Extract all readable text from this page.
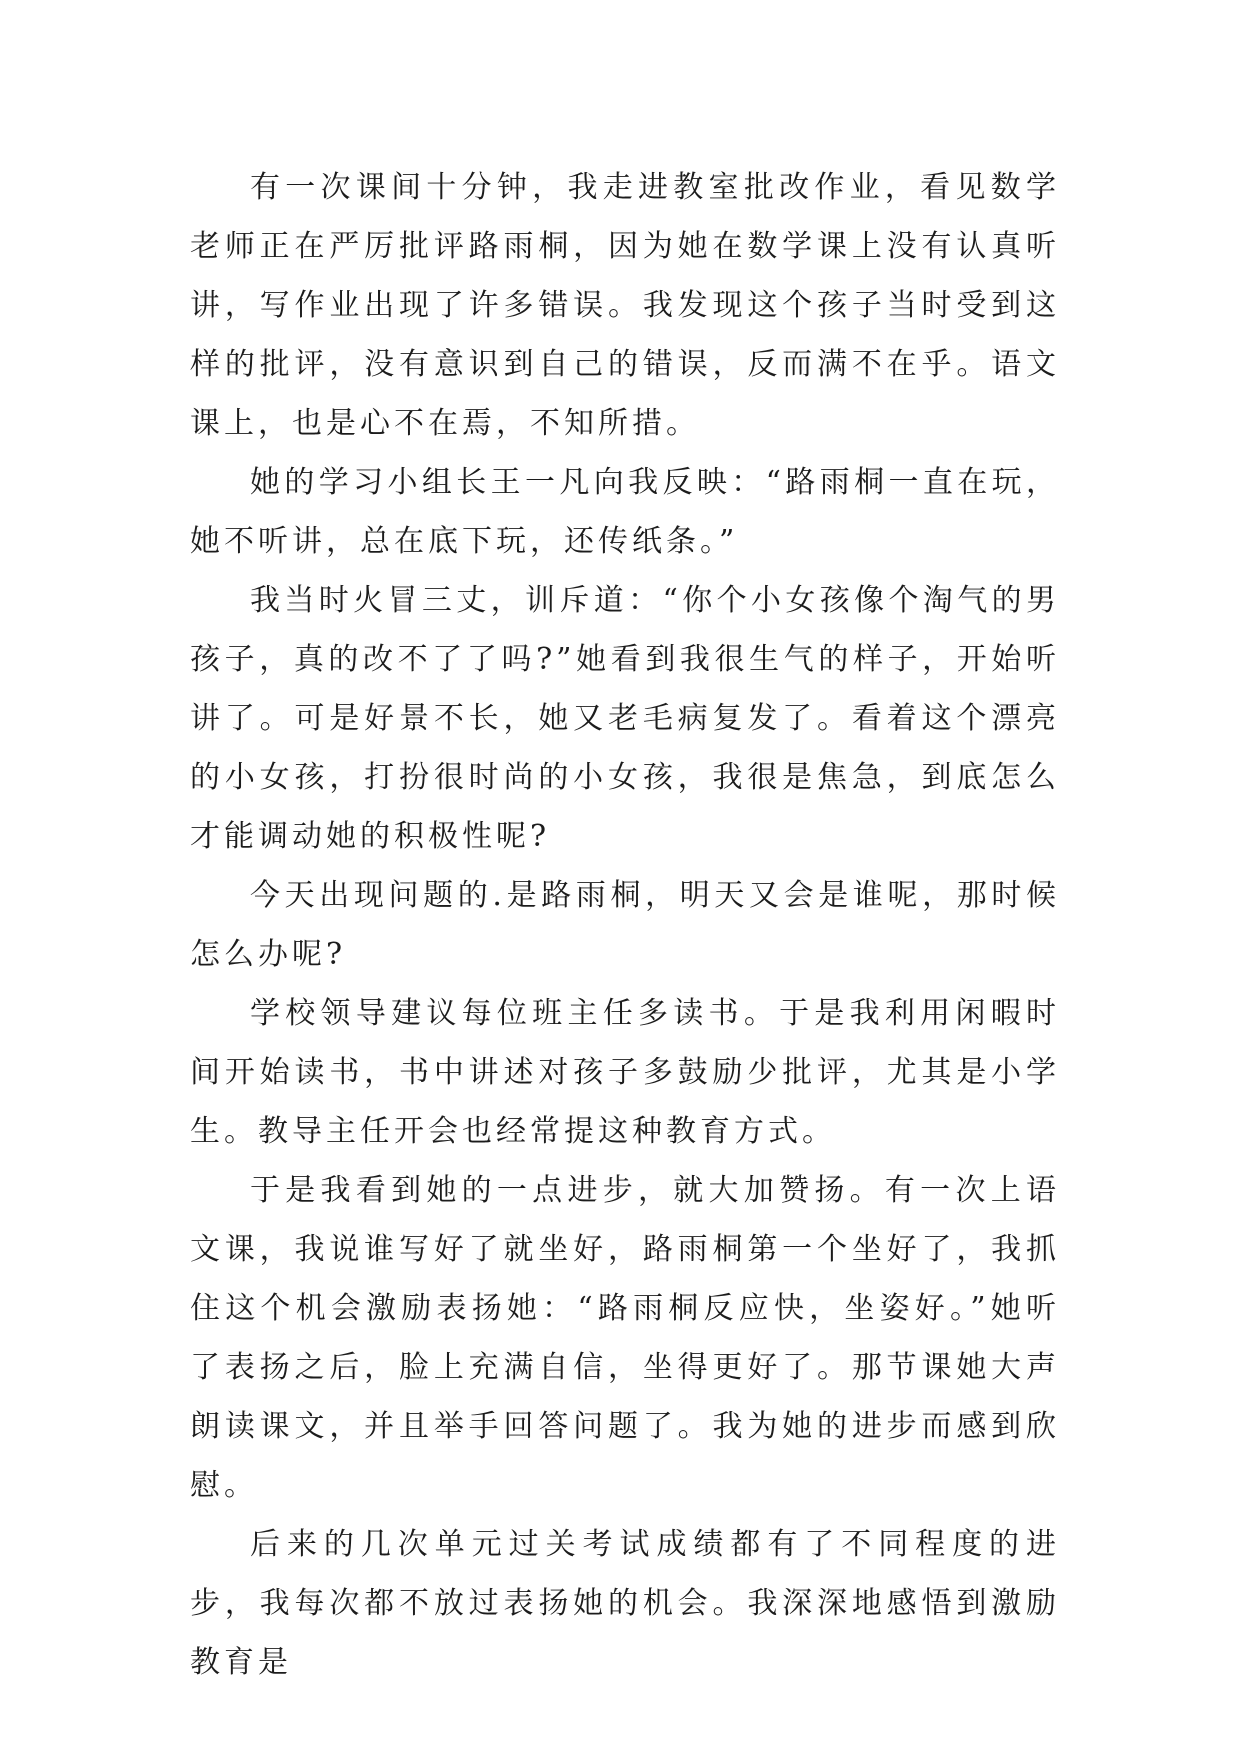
有一次课间十分钟，我走进教室批改作业，看见数学老师正在严厉批评路雨桐，因为她在数学课上没有认真听讲，写作业出现了许多错误。我发现这个孩子当时受到这样的批评，没有意识到自己的错误，反而满不在乎。语文课上，也是心不在焉，不知所措。

她的学习小组长王一凡向我反映：“路雨桐一直在玩，她不听讲，总在底下玩，还传纸条。”

我当时火冒三丈，训斥道：“你个小女孩像个淘气的男孩子，真的改不了了吗?”她看到我很生气的样子，开始听讲了。可是好景不长，她又老毛病复发了。看着这个漂亮的小女孩，打扮很时尚的小女孩，我很是焦急，到底怎么才能调动她的积极性呢?

今天出现问题的.是路雨桐，明天又会是谁呢，那时候怎么办呢?

学校领导建议每位班主任多读书。于是我利用闲暇时间开始读书，书中讲述对孩子多鼓励少批评，尤其是小学生。教导主任开会也经常提这种教育方式。

于是我看到她的一点进步，就大加赞扬。有一次上语文课，我说谁写好了就坐好，路雨桐第一个坐好了，我抓住这个机会激励表扬她：“路雨桐反应快，坐姿好。”她听了表扬之后，脸上充满自信，坐得更好了。那节课她大声朗读课文，并且举手回答问题了。我为她的进步而感到欣慰。

后来的几次单元过关考试成绩都有了不同程度的进步，我每次都不放过表扬她的机会。我深深地感悟到激励教育是
